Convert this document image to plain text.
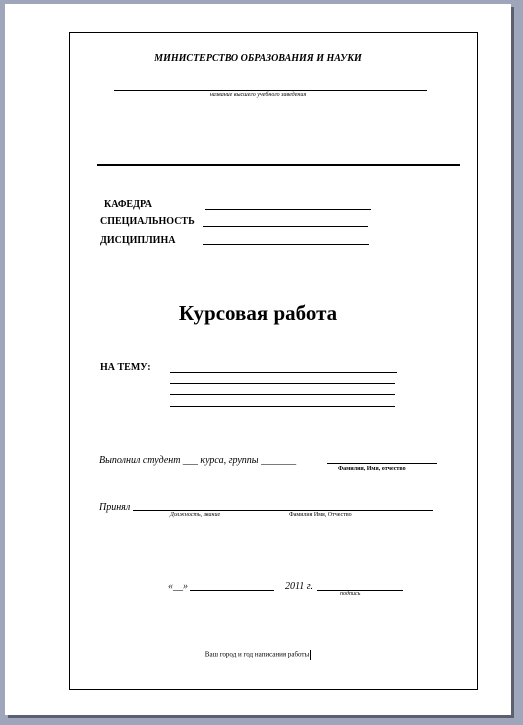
МИНИСТЕРСТВО ОБРАЗОВАНИЯ И НАУКИ
название высшего учебного заведения
КАФЕДРА
СПЕЦИАЛЬНОСТЬ
ДИСЦИПЛИНА
Курсовая работа
НА ТЕМУ:
Выполнил студент ___ курса, группы _______
Фамилия, Имя, отчество
Принял
Должность, звание	Фамилия Имя, Отчество
«__»	2011 г.
подпись
Ваш город и год написания работы
